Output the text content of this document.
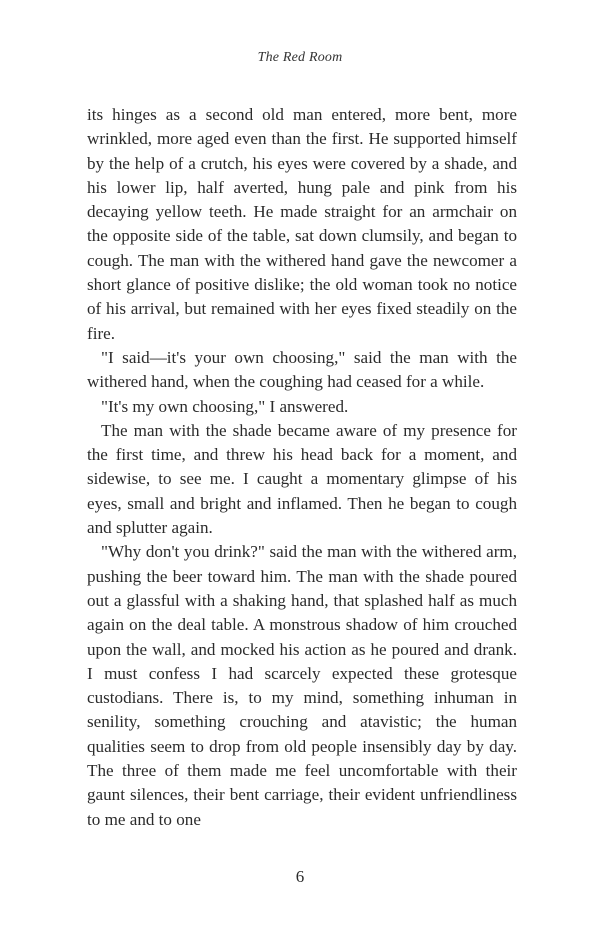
The Red Room

its hinges as a second old man entered, more bent, more wrinkled, more aged even than the first. He supported himself by the help of a crutch, his eyes were covered by a shade, and his lower lip, half averted, hung pale and pink from his decaying yellow teeth. He made straight for an armchair on the opposite side of the table, sat down clumsily, and began to cough. The man with the withered hand gave the newcomer a short glance of positive dislike; the old woman took no notice of his arrival, but remained with her eyes fixed steadily on the fire.

"I said—it's your own choosing," said the man with the withered hand, when the coughing had ceased for a while.

"It's my own choosing," I answered.

The man with the shade became aware of my presence for the first time, and threw his head back for a moment, and sidewise, to see me. I caught a momentary glimpse of his eyes, small and bright and inflamed. Then he began to cough and splutter again.

"Why don't you drink?" said the man with the withered arm, pushing the beer toward him. The man with the shade poured out a glassful with a shaking hand, that splashed half as much again on the deal table. A monstrous shadow of him crouched upon the wall, and mocked his action as he poured and drank. I must confess I had scarcely expected these grotesque custodians. There is, to my mind, something inhuman in senility, something crouching and atavistic; the human qualities seem to drop from old people insensibly day by day. The three of them made me feel uncomfortable with their gaunt silences, their bent carriage, their evident unfriendliness to me and to one

6
